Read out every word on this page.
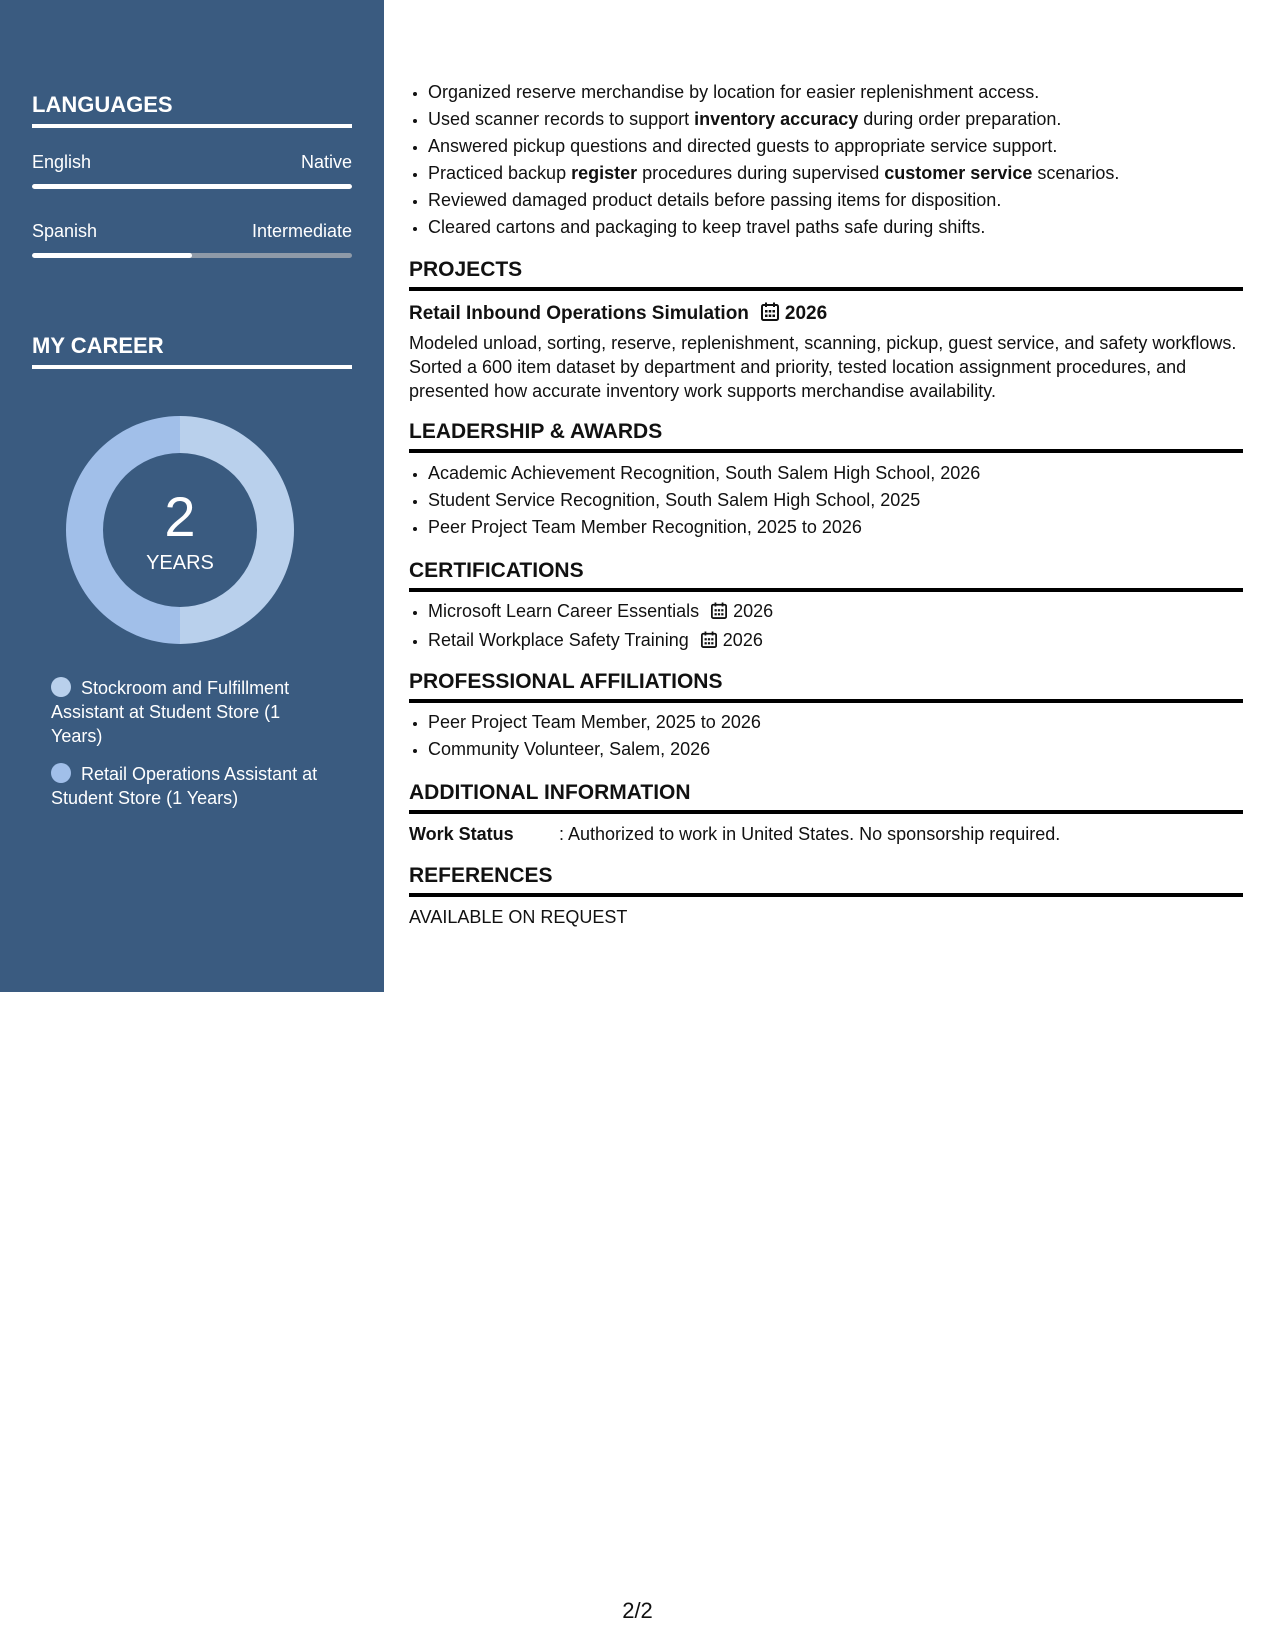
LANGUAGES
English	Native
Spanish	Intermediate
MY CAREER
2
YEARS
Stockroom and Fulfillment Assistant at Student Store (1 Years)
Retail Operations Assistant at Student Store (1 Years)
• Organized reserve merchandise by location for easier replenishment access.
• Used scanner records to support inventory accuracy during order preparation.
• Answered pickup questions and directed guests to appropriate service support.
• Practiced backup register procedures during supervised customer service scenarios.
• Reviewed damaged product details before passing items for disposition.
• Cleared cartons and packaging to keep travel paths safe during shifts.
PROJECTS
Retail Inbound Operations Simulation 2026
Modeled unload, sorting, reserve, replenishment, scanning, pickup, guest service, and safety workflows. Sorted a 600 item dataset by department and priority, tested location assignment procedures, and presented how accurate inventory work supports merchandise availability.
LEADERSHIP & AWARDS
• Academic Achievement Recognition, South Salem High School, 2026
• Student Service Recognition, South Salem High School, 2025
• Peer Project Team Member Recognition, 2025 to 2026
CERTIFICATIONS
• Microsoft Learn Career Essentials 2026
• Retail Workplace Safety Training 2026
PROFESSIONAL AFFILIATIONS
• Peer Project Team Member, 2025 to 2026
• Community Volunteer, Salem, 2026
ADDITIONAL INFORMATION
Work Status	: Authorized to work in United States. No sponsorship required.
REFERENCES
AVAILABLE ON REQUEST
2/2
